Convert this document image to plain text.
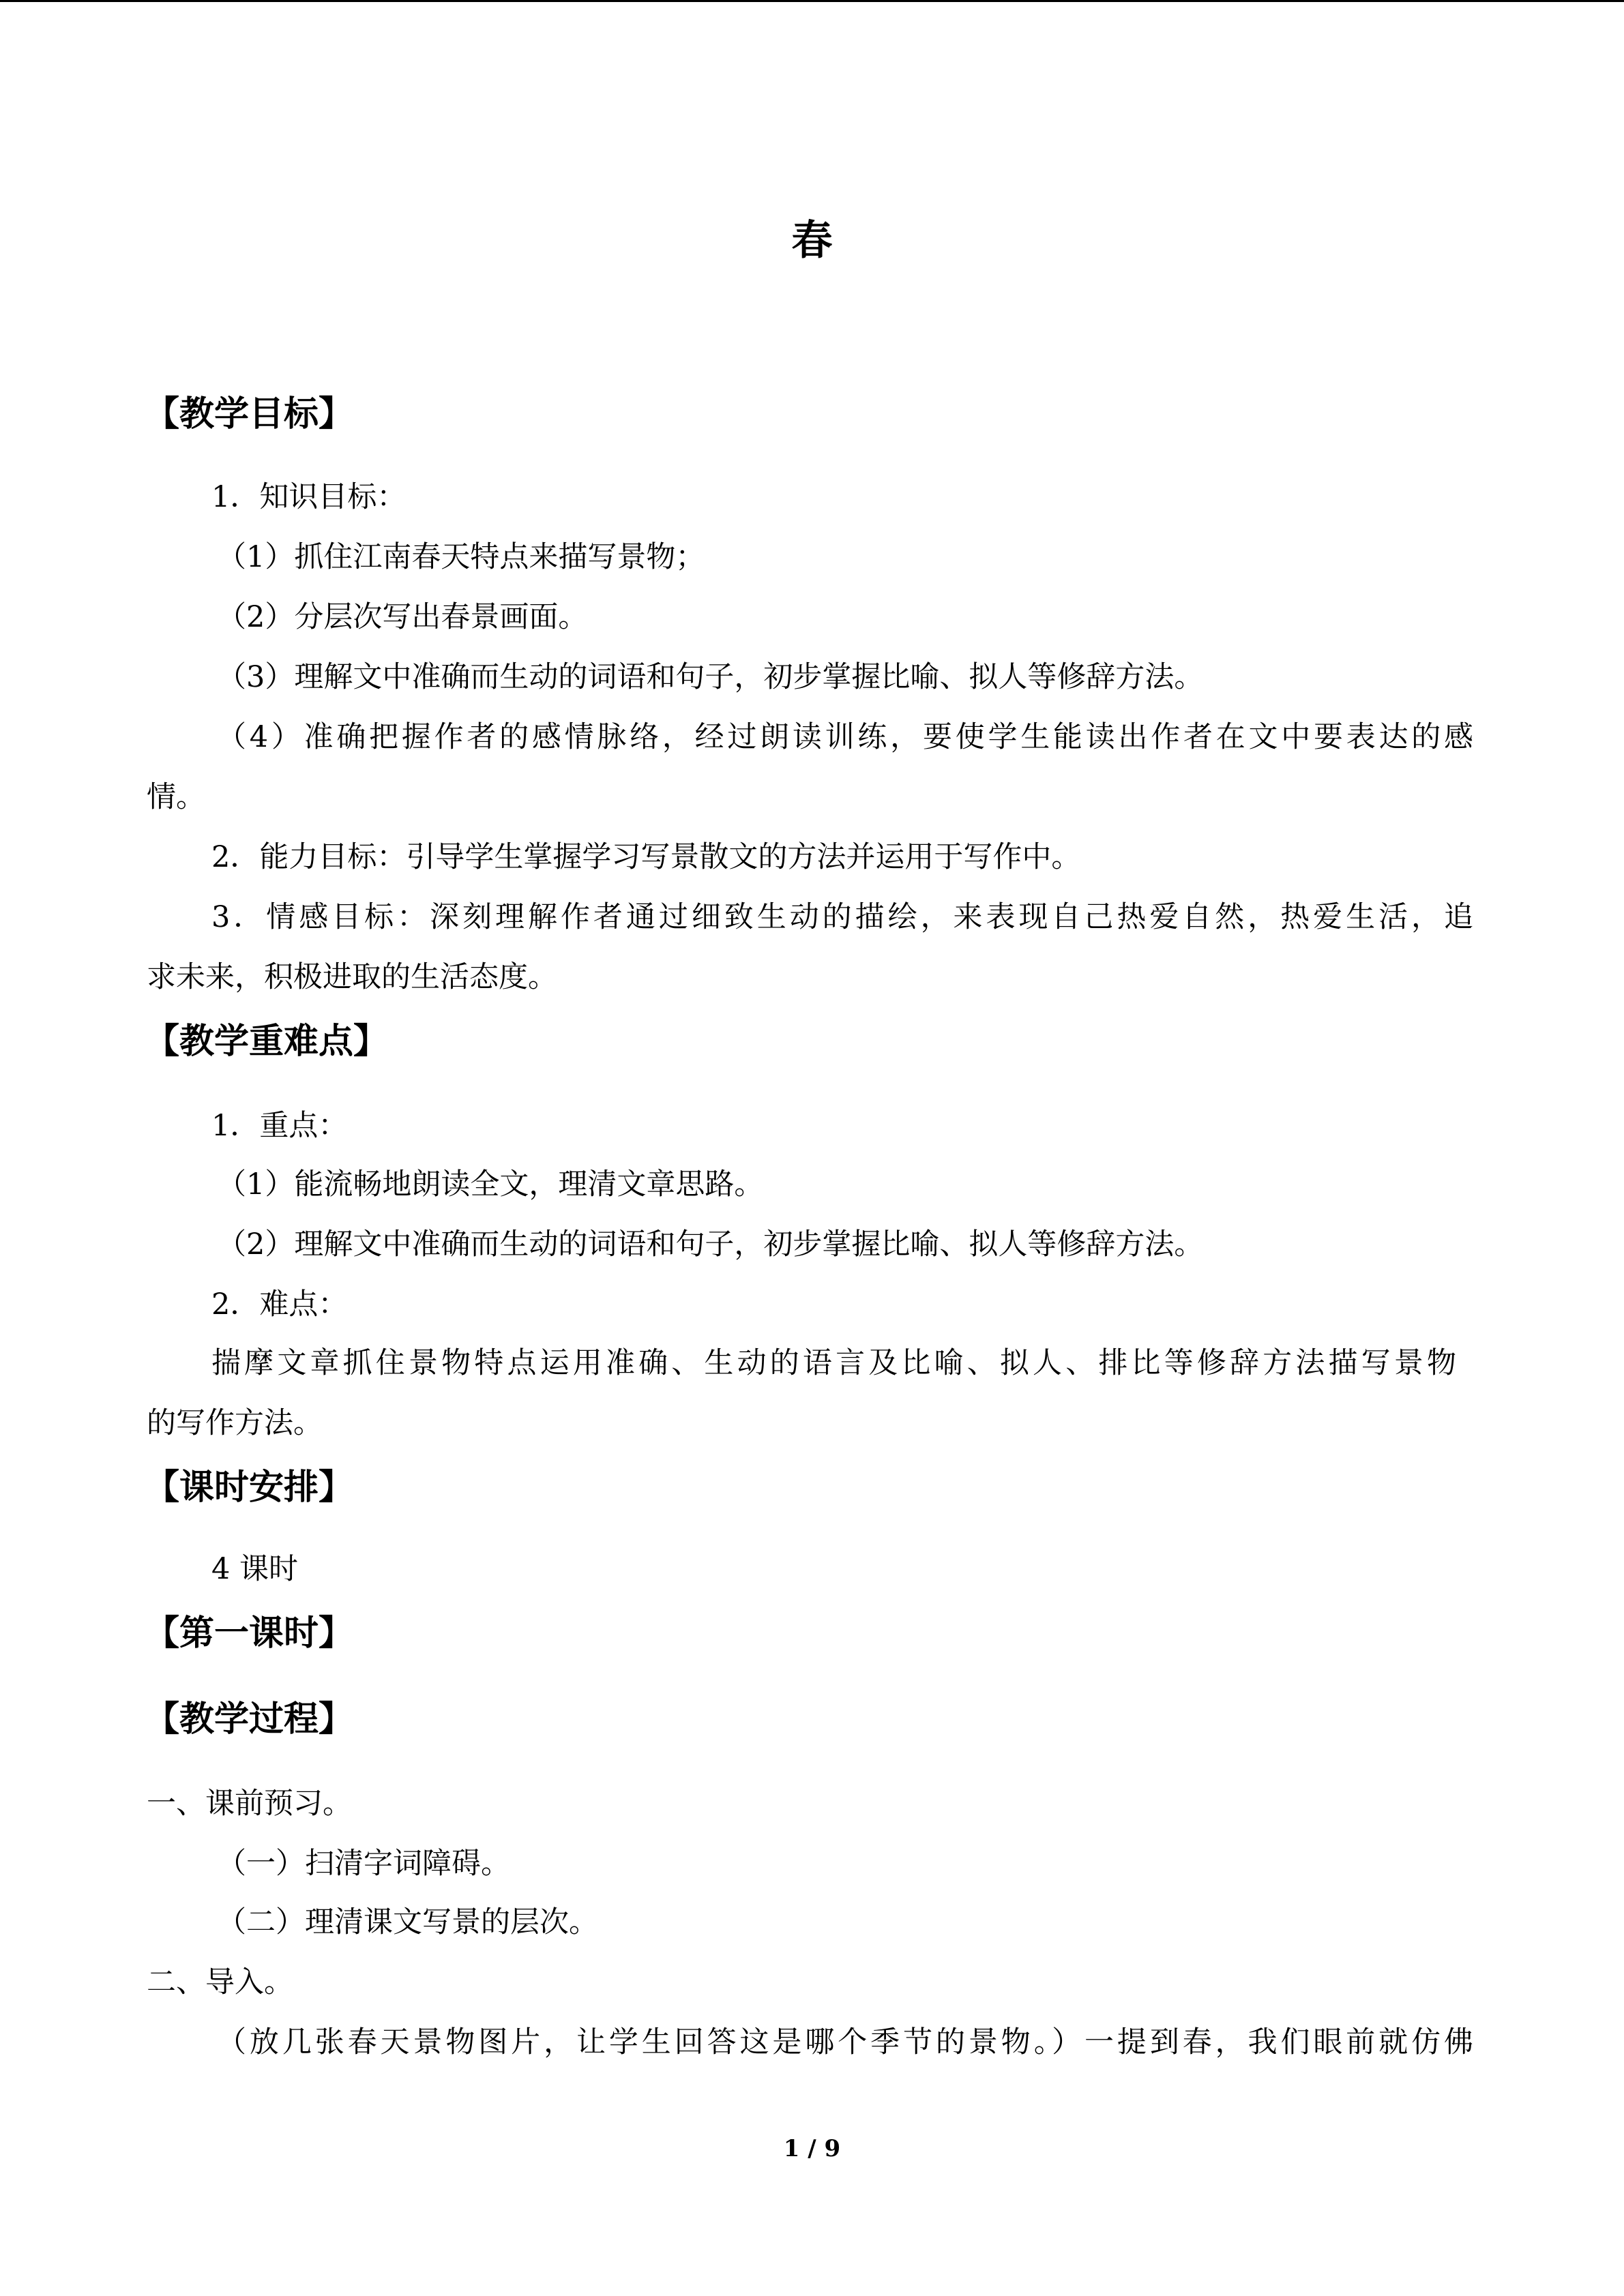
春
【教学目标】
1．知识目标：
（1）抓住江南春天特点来描写景物；
（2）分层次写出春景画面。
（3）理解文中准确而生动的词语和句子，初步掌握比喻、拟人等修辞方法。
（4）准确把握作者的感情脉络，经过朗读训练，要使学生能读出作者在文中要表达的感
情。
2．能力目标：引导学生掌握学习写景散文的方法并运用于写作中。
3．情感目标：深刻理解作者通过细致生动的描绘，来表现自己热爱自然，热爱生活，追
求未来，积极进取的生活态度。
【教学重难点】
1．重点：
（1）能流畅地朗读全文，理清文章思路。
（2）理解文中准确而生动的词语和句子，初步掌握比喻、拟人等修辞方法。
2．难点：
揣摩文章抓住景物特点运用准确、生动的语言及比喻、拟人、排比等修辞方法描写景物
的写作方法。
【课时安排】
4 课时
【第一课时】
【教学过程】
一、课前预习。
（一）扫清字词障碍。
（二）理清课文写景的层次。
二、导入。
（放几张春天景物图片，让学生回答这是哪个季节的景物。）一提到春，我们眼前就仿佛
1 / 9
